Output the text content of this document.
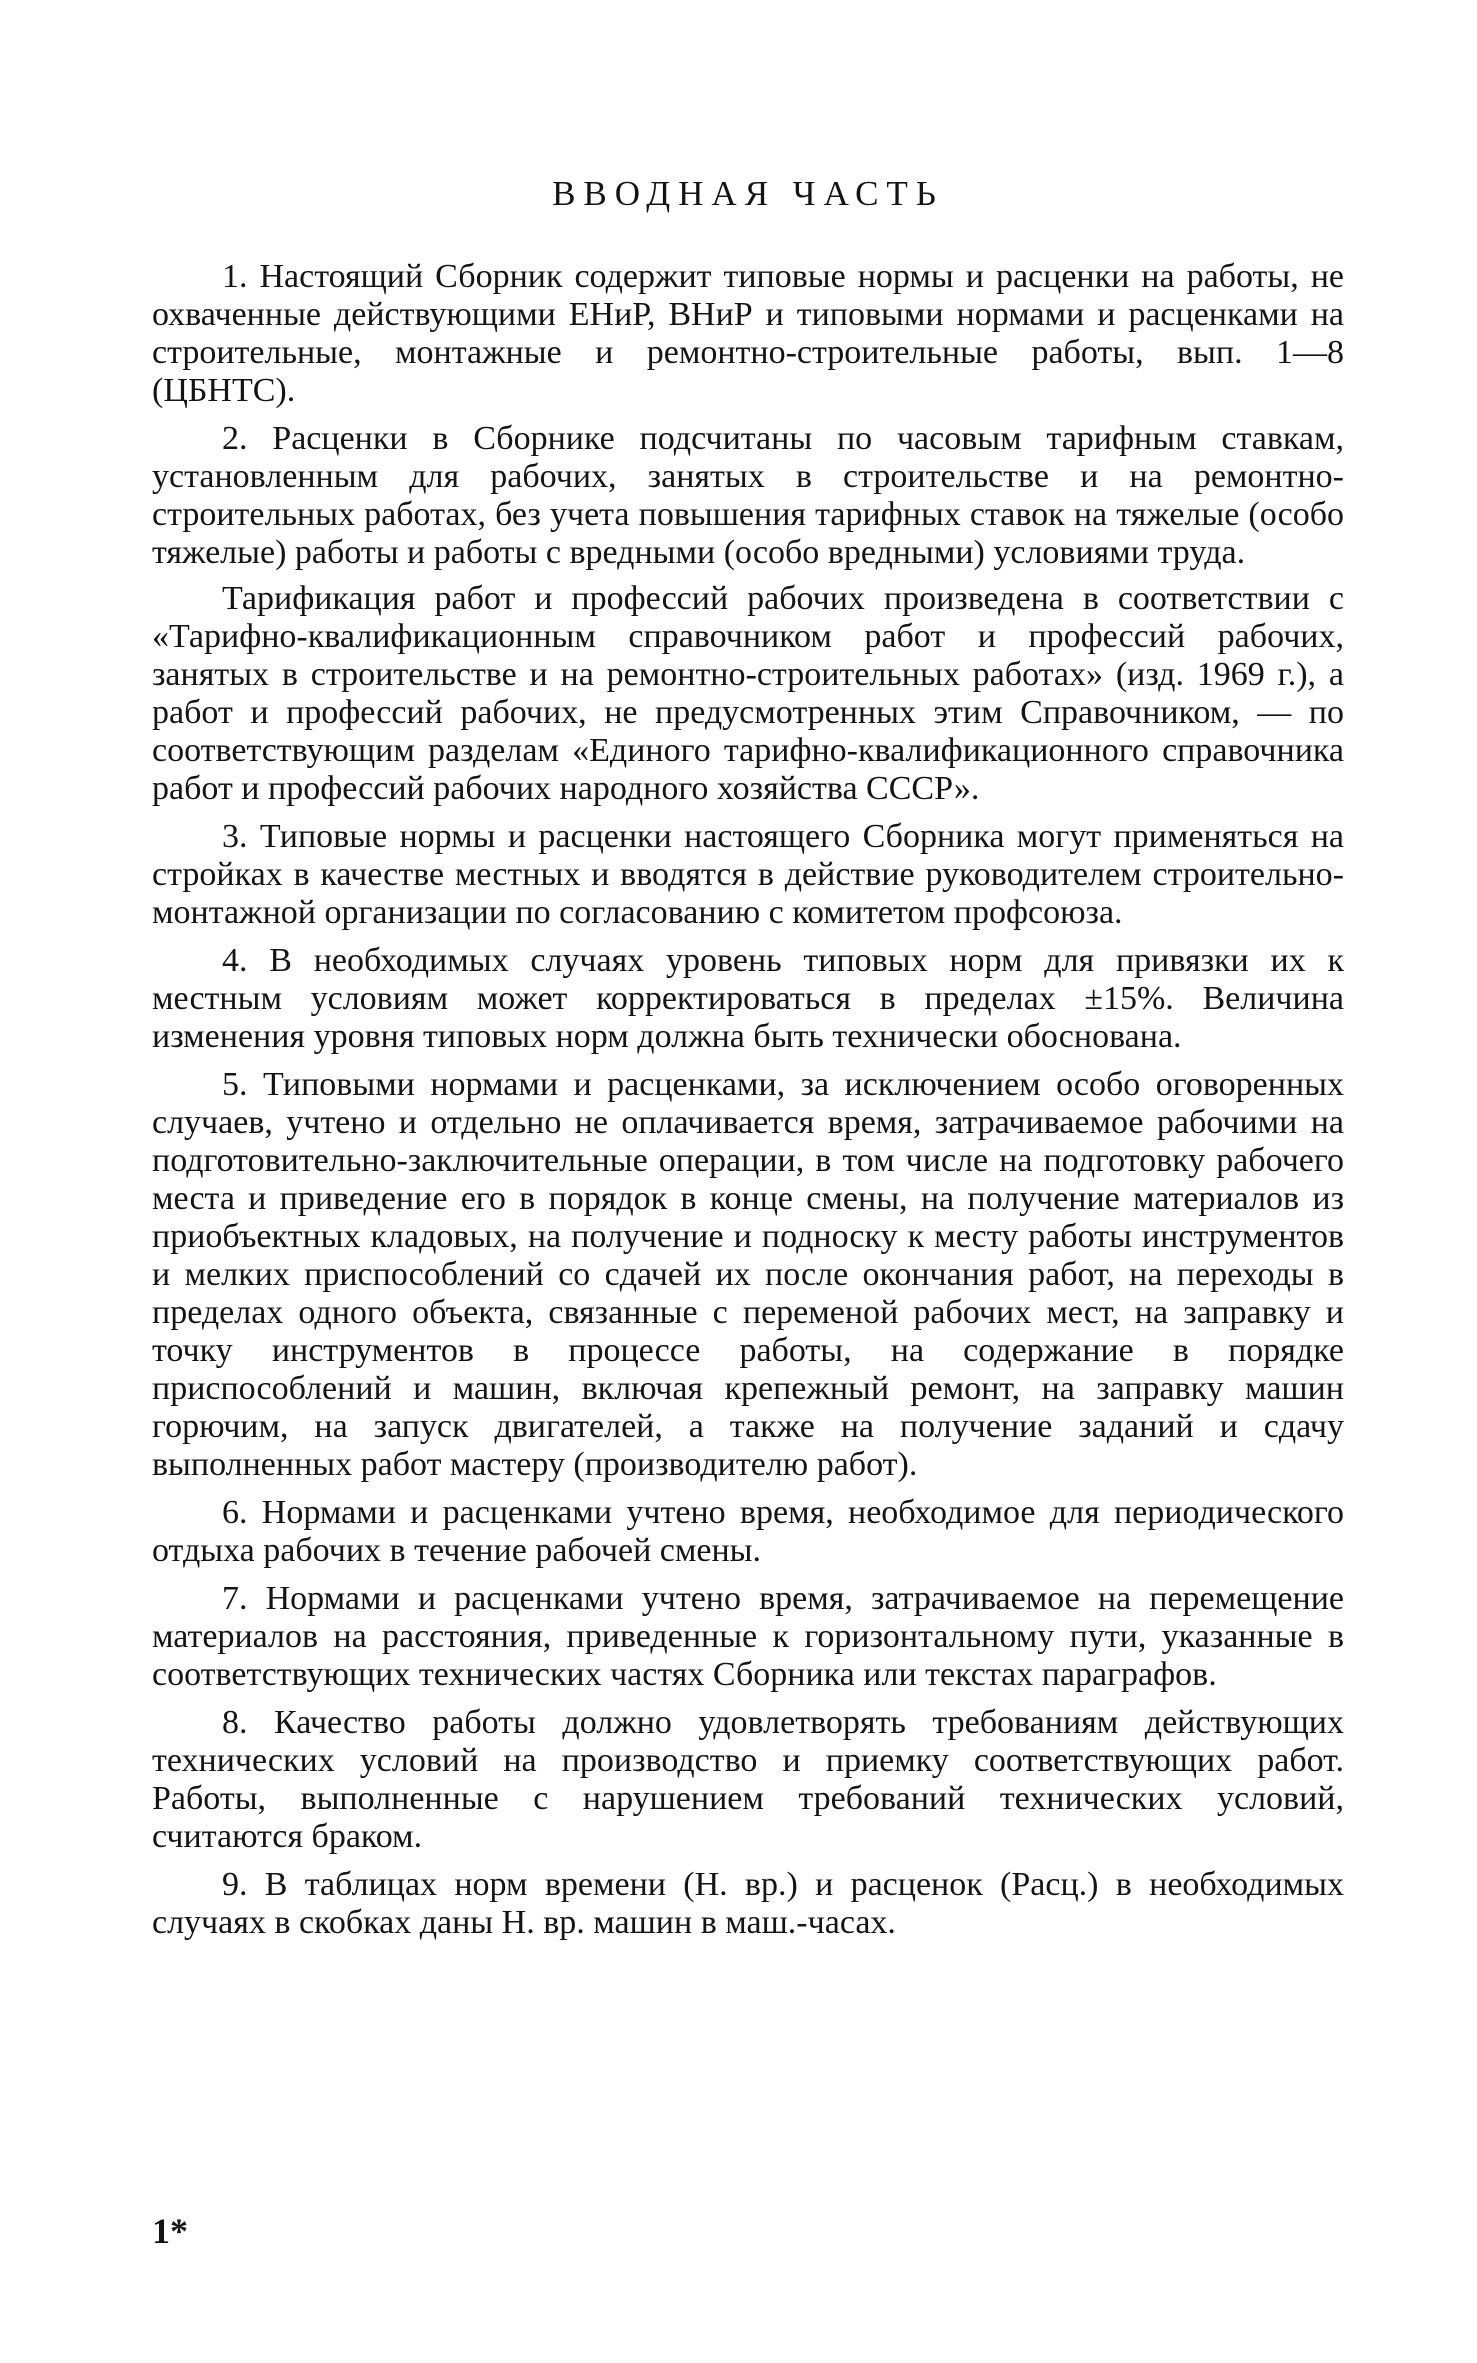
ВВОДНАЯ ЧАСТЬ

1. Настоящий Сборник содержит типовые нормы и расценки на работы, не охваченные действующими ЕНиР, ВНиР и типовыми нормами и расценками на строительные, монтажные и ремонтно-строительные работы, вып. 1—8 (ЦБНТС).

2. Расценки в Сборнике подсчитаны по часовым тарифным ставкам, установленным для рабочих, занятых в строительстве и на ремонтно-строительных работах, без учета повышения тарифных ставок на тяжелые (особо тяжелые) работы и работы с вредными (особо вредными) условиями труда.

Тарификация работ и профессий рабочих произведена в соответствии с «Тарифно-квалификационным справочником работ и профессий рабочих, занятых в строительстве и на ремонтно-строительных работах» (изд. 1969 г.), а работ и профессий рабочих, не предусмотренных этим Справочником, — по соответствующим разделам «Единого тарифно-квалификационного справочника работ и профессий рабочих народного хозяйства СССР».

3. Типовые нормы и расценки настоящего Сборника могут применяться на стройках в качестве местных и вводятся в действие руководителем строительно-монтажной организации по согласованию с комитетом профсоюза.

4. В необходимых случаях уровень типовых норм для привязки их к местным условиям может корректироваться в пределах ±15%. Величина изменения уровня типовых норм должна быть технически обоснована.

5. Типовыми нормами и расценками, за исключением особо оговоренных случаев, учтено и отдельно не оплачивается время, затрачиваемое рабочими на подготовительно-заключительные операции, в том числе на подготовку рабочего места и приведение его в порядок в конце смены, на получение материалов из приобъектных кладовых, на получение и подноску к месту работы инструментов и мелких приспособлений со сдачей их после окончания работ, на переходы в пределах одного объекта, связанные с переменой рабочих мест, на заправку и точку инструментов в процессе работы, на содержание в порядке приспособлений и машин, включая крепежный ремонт, на заправку машин горючим, на запуск двигателей, а также на получение заданий и сдачу выполненных работ мастеру (производителю работ).

6. Нормами и расценками учтено время, необходимое для периодического отдыха рабочих в течение рабочей смены.

7. Нормами и расценками учтено время, затрачиваемое на перемещение материалов на расстояния, приведенные к горизонтальному пути, указанные в соответствующих технических частях Сборника или текстах параграфов.

8. Качество работы должно удовлетворять требованиям действующих технических условий на производство и приемку соответствующих работ. Работы, выполненные с нарушением требований технических условий, считаются браком.

9. В таблицах норм времени (Н. вр.) и расценок (Расц.) в необходимых случаях в скобках даны Н. вр. машин в маш.-часах.

1*
